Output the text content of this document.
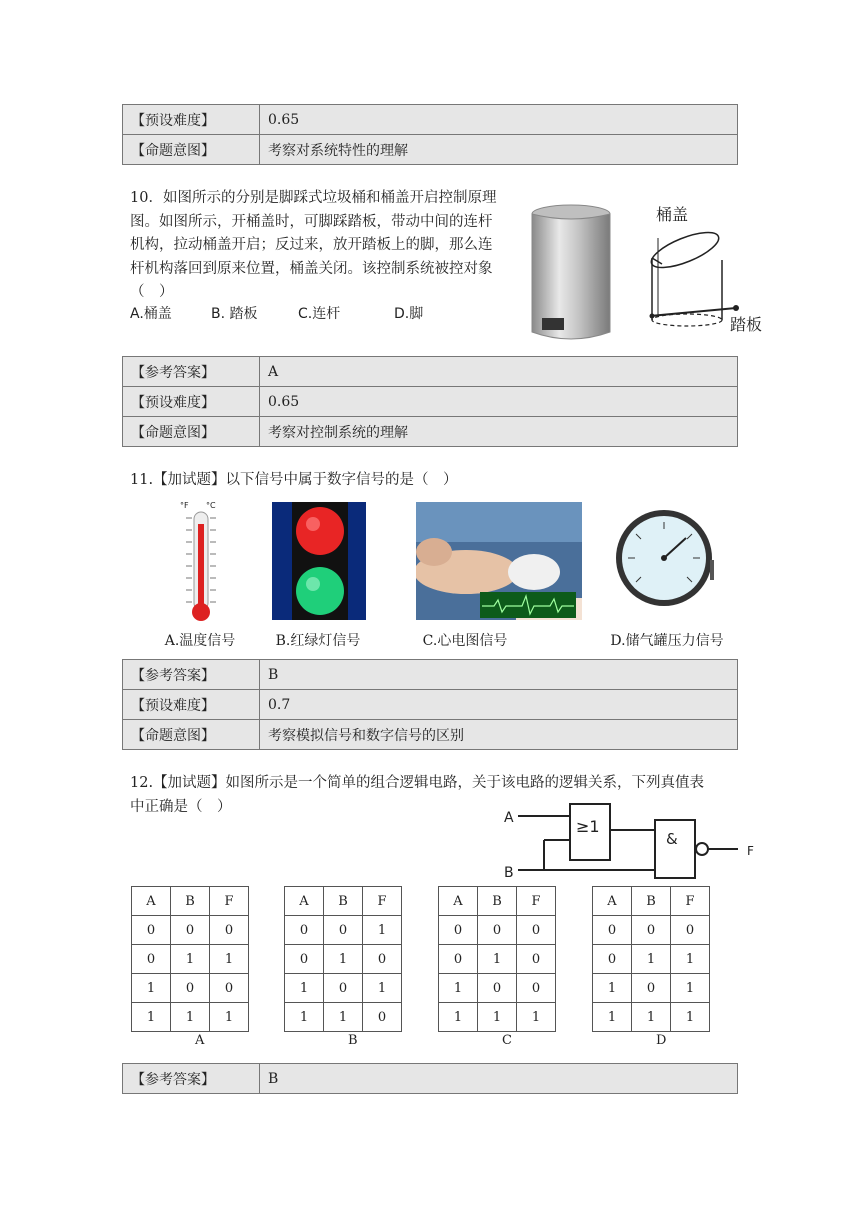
【预设难度】	0.65
【命题意图】	考察对系统特性的理解
10．如图所示的分别是脚踩式垃圾桶和桶盖开启控制原理
图。如图所示，开桶盖时，可脚踩踏板，带动中间的连杆
机构，拉动桶盖开启；反过来，放开踏板上的脚，那么连
杆机构落回到原来位置，桶盖关闭。该控制系统被控对象
（　）
A.桶盖	B. 踏板	C.连杆	D.脚
桶盖
踏板
【参考答案】	A
【预设难度】	0.65
【命题意图】	考察对控制系统的理解
11.【加试题】以下信号中属于数字信号的是（　）
°F °C
A.温度信号	B.红绿灯信号	C.心电图信号	D.储气罐压力信号
【参考答案】	B
【预设难度】	0.7
【命题意图】	考察模拟信号和数字信号的区别
12.【加试题】如图所示是一个简单的组合逻辑电路，关于该电路的逻辑关系，下列真值表
中正确是（　）
A
B
≥1
&
F
A	B	F
0	0	0
0	1	1
1	0	0
1	1	1
A
A	B	F
0	0	1
0	1	0
1	0	1
1	1	0
B
A	B	F
0	0	0
0	1	0
1	0	0
1	1	1
C
A	B	F
0	0	0
0	1	1
1	0	1
1	1	1
D
【参考答案】	B
